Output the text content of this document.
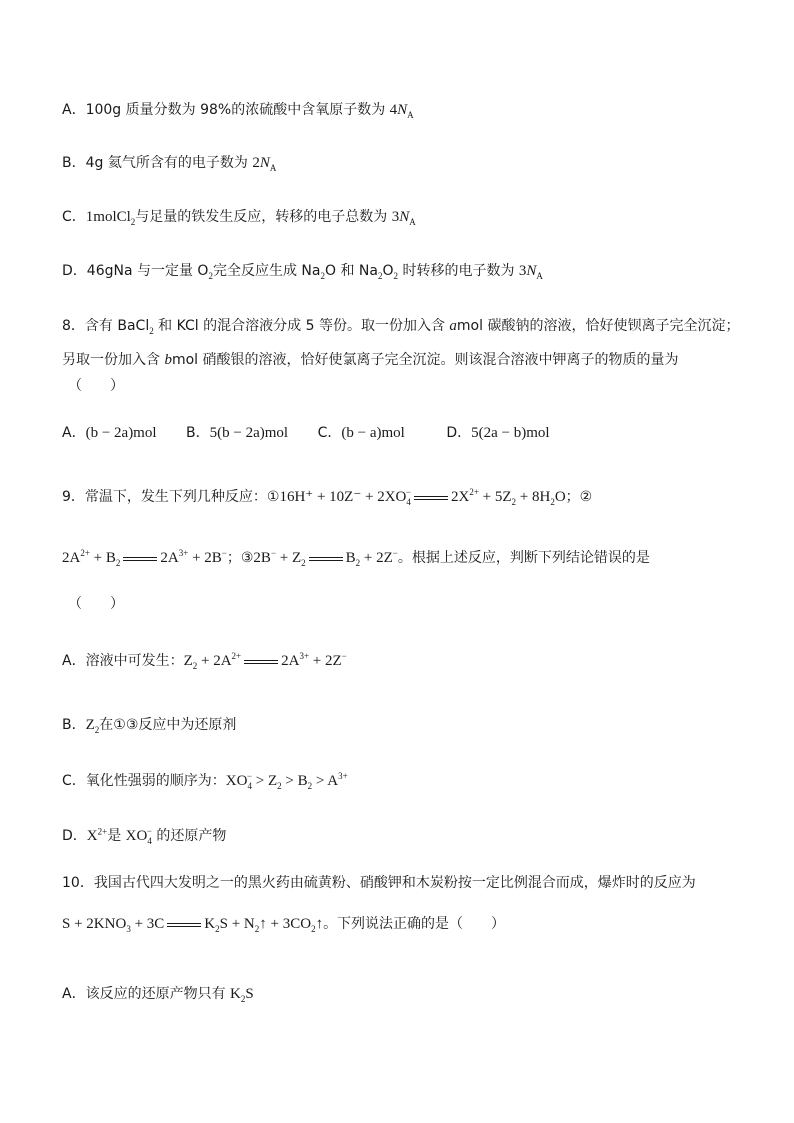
A．100g 质量分数为 98%的浓硫酸中含氧原子数为 $4N_A$
B．4g 氦气所含有的电子数为 $2N_A$
C．1molCl$_2$与足量的铁发生反应，转移的电子总数为 $3N_A$
D．46gNa 与一定量 $O_2$完全反应生成 $Na_2O$ 和 $Na_2O_2$ 时转移的电子数为 $3N_A$
8．含有 BaCl$_2$ 和 KCl 的混合溶液分成 5 等份。取一份加入含 amol 碳酸钠的溶液，恰好使钡离子完全沉淀；
另取一份加入含 bmol 硝酸银的溶液，恰好使氯离子完全沉淀。则该混合溶液中钾离子的物质的量为
（　　）
A．(b − 2a)mol B．5(b − 2a)mol C．(b − a)mol	D．5(2a − b)mol
9．常温下，发生下列几种反应：①16H⁺ + $10Z^- + 2XO_4^-$	$2X^{2+} + 5Z_2 + 8H_2O$；②
$2A^{2+} + B_2$	$2A^{3+} + 2B^-$；③2B− + $Z_2$	$B_2 + 2Z^-$。根据上述反应，判断下列结论错误的是
（　　）
A．溶液中可发生：$Z_2 + 2A^{2+}$	$2A^{3+} + 2Z^-$
B．$Z_2$在①③反应中为还原剂
C．氧化性强弱的顺序为：$XO_4^- > Z_2 > B_2 > A^{3+}$
D．$X^{2+}$是 $XO_4^-$ 的还原产物
10．我国古代四大发明之一的黑火药由硫黄粉、硝酸钾和木炭粉按一定比例混合而成，爆炸时的反应为
$S + 2KNO_3 + 3C$	$K_2S$ + $N_2↑$ + $3CO_2↑$。下列说法正确的是（　　）
A．该反应的还原产物只有 $K_2S$
